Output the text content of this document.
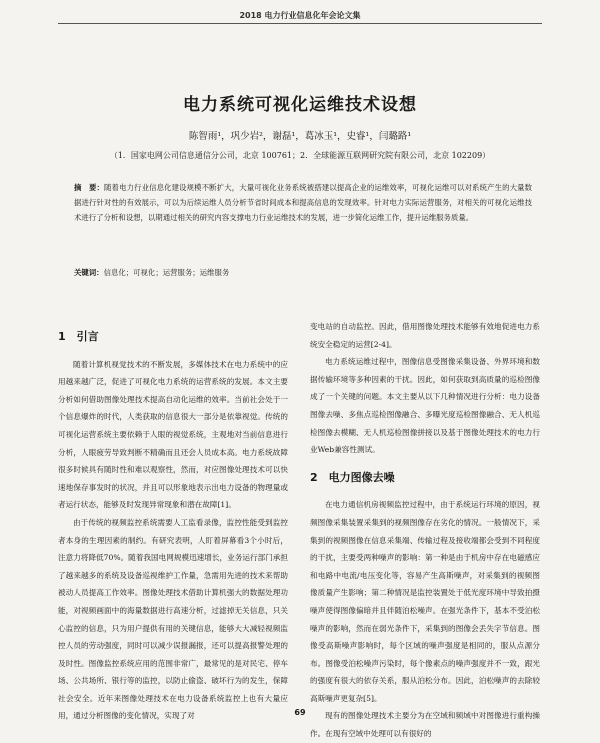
2018 电力行业信息化年会论文集
电力系统可视化运维技术设想
陈智雨¹，巩少岩²，谢磊¹，葛冰玉¹，史睿¹，闫璐路¹
（1．国家电网公司信息通信分公司，北京 100761；2．全球能源互联网研究院有限公司，北京 102209）
摘　要：随着电力行业信息化建设规模不断扩大，大量可视化业务系统被搭建以提高企业的运维效率，可视化运维可以对系统产生的大量数据进行针对性的有效展示，可以为后续运维人员分析节省时间成本和提高信息的发现效率。针对电力实际运营服务，对相关的可视化运维技术进行了分析和设想，以期通过相关的研究内容支撑电力行业运维技术的发展，进一步简化运维工作，提升运维服务质量。
关键词：信息化；可视化；运营服务；运维服务

1　引言

随着计算机视觉技术的不断发展，多媒体技术在电力系统中的应用越来越广泛，促进了可视化电力系统的运营系统的发展。本文主要分析如何借助图像处理技术提高自动化运维的效率。当前社会处于一个信息爆炸的时代，人类获取的信息很大一部分是依靠视觉。传统的可视化运营系统主要依赖于人眼的视觉系统，主观地对当前信息进行分析，人眼疲劳导致判断不精确而且还会人员成本高。电力系统故障很多时候具有随时性和难以观察性，然而，对应图像处理技术可以快速地保存事发时的状况，并且可以形象地表示出电力设备的物理量或者运行状态，能够及时发现异常现象和潜在故障[1]。

由于传统的视频监控系统需要人工监看录像，监控性能受到监控者本身的生理因素的制约。有研究表明，人盯着屏幕看3个小时后，注意力将降低70%。随着我国电网规模迅速增长，业务运行部门承担了越来越多的系统及设备巡视维护工作量，急需用先进的技术来帮助被动人员提高工作效率。图像处理技术借助计算机强大的数据处理功能，对视频画面中的海量数据进行高速分析，过滤掉无关信息，只关心监控的信息，只为用户提供有用的关键信息，能够大大减轻视频监控人员的劳动强度，同时可以减少误报漏报，还可以提高报警处理的及时性。图像监控系统应用的范围非常广，最常见的是对民宅、停车场、公共场所、银行等的监控，以防止偷盗、破坏行为的发生，保障社会安全。近年来图像处理技术在电力设备系统监控上也有大量应用，通过分析图像的变化情况，实现了对

变电站的自动监控。因此，借用图像处理技术能够有效地促进电力系统安全稳定的运营[2-4]。

电力系统运维过程中，图像信息受图像采集设备、外界环境和数据传输环境等多种因素的干扰。因此，如何获取到高质量的巡检图像成了一个关键的问题。本文主要从以下几种情况进行分析：电力设备图像去噪、多焦点巡检图像融合、多曝光度巡检图像融合、无人机巡检图像去模糊、无人机巡检图像拼接以及基于图像处理技术的电力行业Web兼容性测试。

2　电力图像去噪

在电力通信机房视频监控过程中，由于系统运行环境的原因，视频图像采集装置采集到的视频图像存在劣化的情况。一般情况下，采集到的视频图像在信息采集端、传输过程及接收端都会受到不同程度的干扰，主要受两种噪声的影响：第一种是由于机房中存在电磁感应和电路中电流/电压变化等，容易产生高斯噪声，对采集到的视频图像质量产生影响；第二种情况是监控装置处于低光度环境中导致拍摄噪声使得图像偏暗并且伴随泊松噪声。在强光条件下，基本不受泊松噪声的影响，然而在弱光条件下，采集到的图像会丢失字节信息。图像受高斯噪声影响时，每个区域的噪声强度是相同的，服从点源分布。图像受泊松噪声污染时，每个像素点的噪声强度并不一致，跟光的强度有很大的依存关系，服从泊松分布。因此，泊松噪声的去除较高斯噪声更复杂[5]。

现有的图像处理技术主要分为在空域和频域中对图像进行重构操作。在现有空域中处理可以有很好的

69
